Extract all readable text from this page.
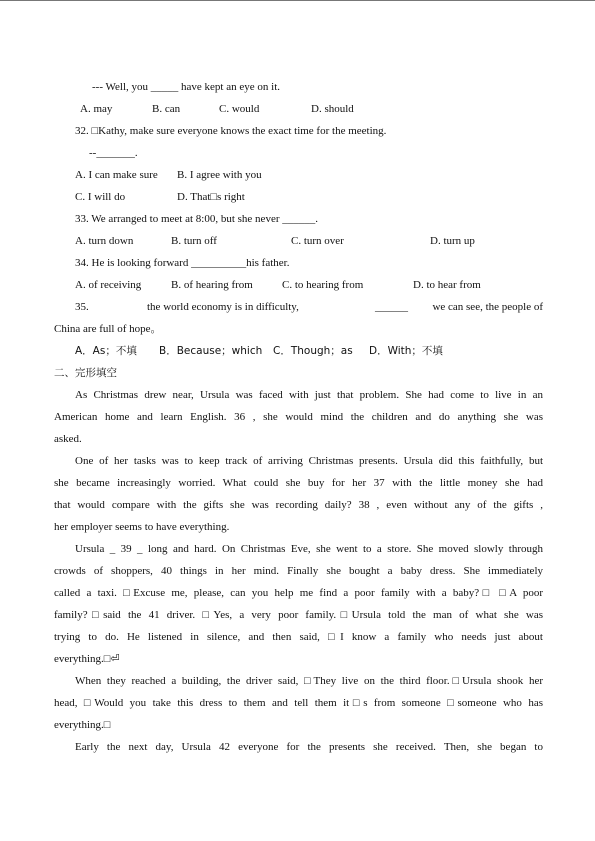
--- Well, you _____ have kept an eye on it.
A. may	B. can	C. would	D. should
32. □Kathy, make sure everyone knows the exact time for the meeting.
--_______.
A. I can make sure B. I agree with you
C. I will do	D. That□s right
33. We arranged to meet at 8:00, but she never ______.
A. turn down	B. turn off	C. turn over	D. turn up
34. He is looking forward __________his father.
A. of receiving	B. of hearing from	C. to hearing from	D. to hear from
35.	the world economy is in difficulty,	______	we can see, the people of
China are full of hope。
A．As；不填 B．Because；which C．Though；as D．With；不填
二、完形填空
As Christmas drew near, Ursula was faced with just that problem. She had come to live in an
American home and learn English. 36 , she would mind the children and do anything she was
asked.
One of her tasks was to keep track of arriving Christmas presents. Ursula did this faithfully, but
she became increasingly worried. What could she buy for her 37 with the little money she had
that would compare with the gifts she was recording daily? 38 , even without any of the gifts ,
her employer seems to have everything.
Ursula _ 39 _ long and hard. On Christmas Eve, she went to a store. She moved slowly through
crowds of shoppers, 40 things in her mind. Finally she bought a baby dress. She immediately
called a taxi. □Excuse me, please, can you help me find a poor family with a baby?□ □A poor
family?□said the 41 driver. □Yes, a very poor family.□Ursula told the man of what she was
trying to do. He listened in silence, and then said, □I know a family who needs just about
everything.□⏎
When they reached a building, the driver said, □They live on the third floor.□Ursula shook her
head, □Would you take this dress to them and tell them it□s from someone □someone who has
everything.□
Early the next day, Ursula 42 everyone for the presents she received. Then, she began to
